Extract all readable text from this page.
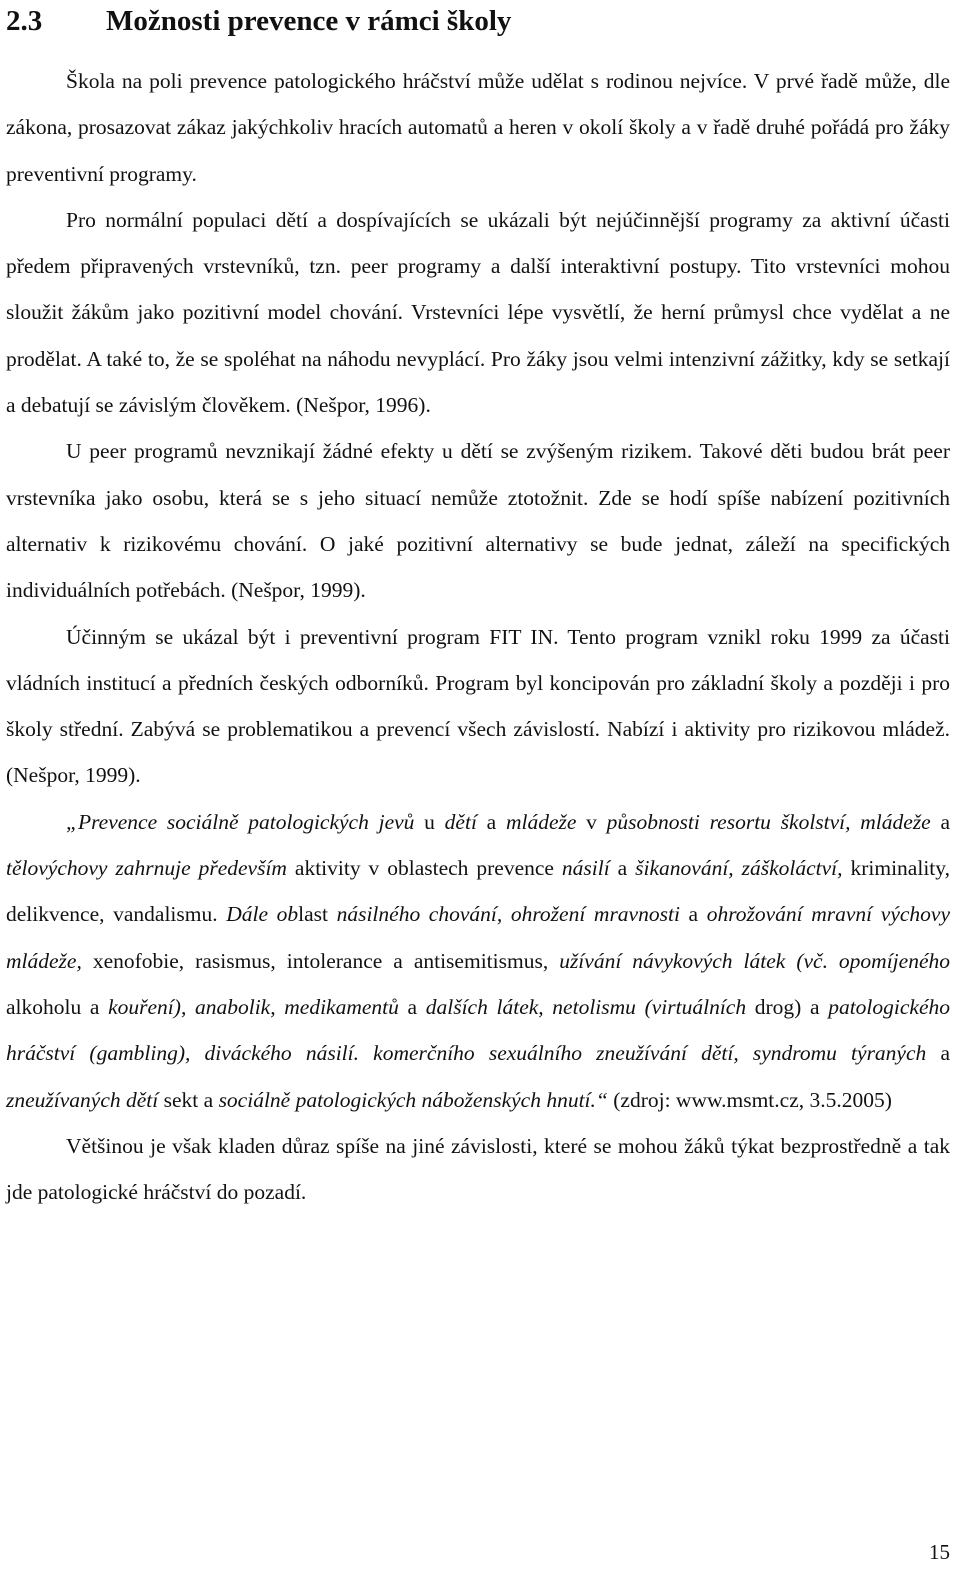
2.3 Možnosti prevence v rámci školy

Škola na poli prevence patologického hráčství může udělat s rodinou nejvíce. V prvé řadě může, dle zákona, prosazovat zákaz jakýchkoliv hracích automatů a heren v okolí školy a v řadě druhé pořádá pro žáky preventivní programy.

Pro normální populaci dětí a dospívajících se ukázali být nejúčinnější programy za aktivní účasti předem připravených vrstevníků, tzn. peer programy a další interaktivní postupy. Tito vrstevníci mohou sloužit žákům jako pozitivní model chování. Vrstevníci lépe vysvětlí, že herní průmysl chce vydělat a ne prodělat. A také to, že se spoléhat na náhodu nevyplácí. Pro žáky jsou velmi intenzivní zážitky, kdy se setkají a debatují se závislým člověkem. (Nešpor, 1996).

U peer programů nevznikají žádné efekty u dětí se zvýšeným rizikem. Takové děti budou brát peer vrstevníka jako osobu, která se s jeho situací nemůže ztotožnit. Zde se hodí spíše nabízení pozitivních alternativ k rizikovému chování. O jaké pozitivní alternativy se bude jednat, záleží na specifických individuálních potřebách. (Nešpor, 1999).

Účinným se ukázal být i preventivní program FIT IN. Tento program vznikl roku 1999 za účasti vládních institucí a předních českých odborníků. Program byl koncipován pro základní školy a později i pro školy střední. Zabývá se problematikou a prevencí všech závislostí. Nabízí i aktivity pro rizikovou mládež. (Nešpor, 1999).

„Prevence sociálně patologických jevů u dětí a mládeže v působnosti resortu školství, mládeže a tělovýchovy zahrnuje především aktivity v oblastech prevence násilí a šikanování, záškoláctví, kriminality, delikvence, vandalismu. Dále oblast násilného chování, ohrožení mravnosti a ohrožování mravní výchovy mládeže, xenofobie, rasismus, intolerance a antisemitismus, užívání návykových látek (vč. opomíjeného alkoholu a kouření), anabolik, medikamentů a dalších látek, netolismu (virtuálních drog) a patologického hráčství (gambling), diváckého násilí. komerčního sexuálního zneužívání dětí, syndromu týraných a zneužívaných dětí sekt a sociálně patologických náboženských hnutí.“ (zdroj: www.msmt.cz, 3.5.2005)

Většinou je však kladen důraz spíše na jiné závislosti, které se mohou žáků týkat bezprostředně a tak jde patologické hráčství do pozadí.

15
